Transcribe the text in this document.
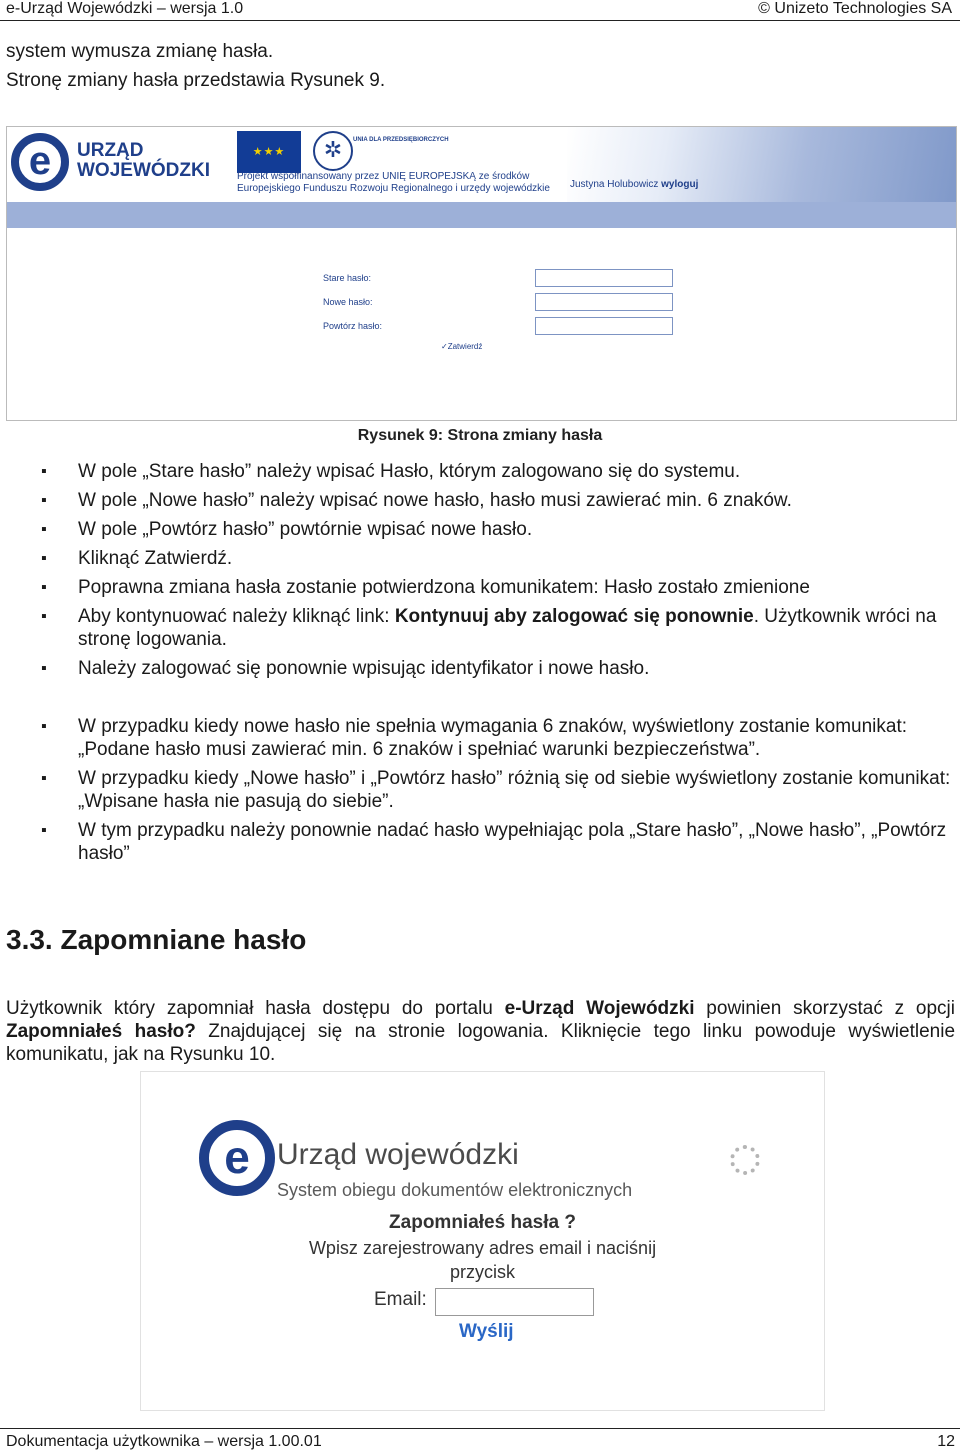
e-Urząd Wojewódzki – wersja 1.0	© Unizeto Technologies SA
system wymusza zmianę hasła.
Stronę zmiany hasła przedstawia Rysunek 9.
e	URZĄD
WOJEWÓDZKI
★★★	✲	UNIA DLA PRZEDSIĘBIORCZYCH
Projekt współfinansowany przez UNIĘ EUROPEJSKĄ ze środków
Europejskiego Funduszu Rozwoju Regionalnego i urzędy wojewódzkie	Justyna Holubowicz wyloguj
Stare hasło:
Nowe hasło:
Powtórz hasło:
✓Zatwierdź
Rysunek 9: Strona zmiany hasła
▪ W pole „Stare hasło” należy wpisać Hasło, którym zalogowano się do systemu.
▪ W pole „Nowe hasło” należy wpisać nowe hasło, hasło musi zawierać min. 6 znaków.
▪ W pole „Powtórz hasło” powtórnie wpisać nowe hasło.
▪ Kliknąć Zatwierdź.
▪ Poprawna zmiana hasła zostanie potwierdzona komunikatem: Hasło zostało zmienione
▪ Aby kontynuować należy kliknąć link: Kontynuuj aby zalogować się ponownie. Użytkownik wróci na stronę logowania.
▪ Należy zalogować się ponownie wpisując identyfikator i nowe hasło.
▪ W przypadku kiedy nowe hasło nie spełnia wymagania 6 znaków, wyświetlony zostanie komunikat: „Podane hasło musi zawierać min. 6 znaków i spełniać warunki bezpieczeństwa”.
▪ W przypadku kiedy „Nowe hasło” i „Powtórz hasło” różnią się od siebie wyświetlony zostanie komunikat: „Wpisane hasła nie pasują do siebie”.
▪ W tym przypadku należy ponownie nadać hasło wypełniając pola „Stare hasło”, „Nowe hasło”, „Powtórz hasło”
3.3. Zapomniane hasło
Użytkownik który zapomniał hasła dostępu do portalu e-Urząd Wojewódzki powinien skorzystać z opcji Zapomniałeś hasło? Znajdującej się na stronie logowania. Kliknięcie tego linku powoduje wyświetlenie komunikatu, jak na Rysunku 10.
e Urząd wojewódzki
System obiegu dokumentów elektronicznych
Zapomniałeś hasła ?
Wpisz zarejestrowany adres email i naciśnij
przycisk
Email:
Wyślij
Dokumentacja użytkownika – wersja 1.00.01	12
